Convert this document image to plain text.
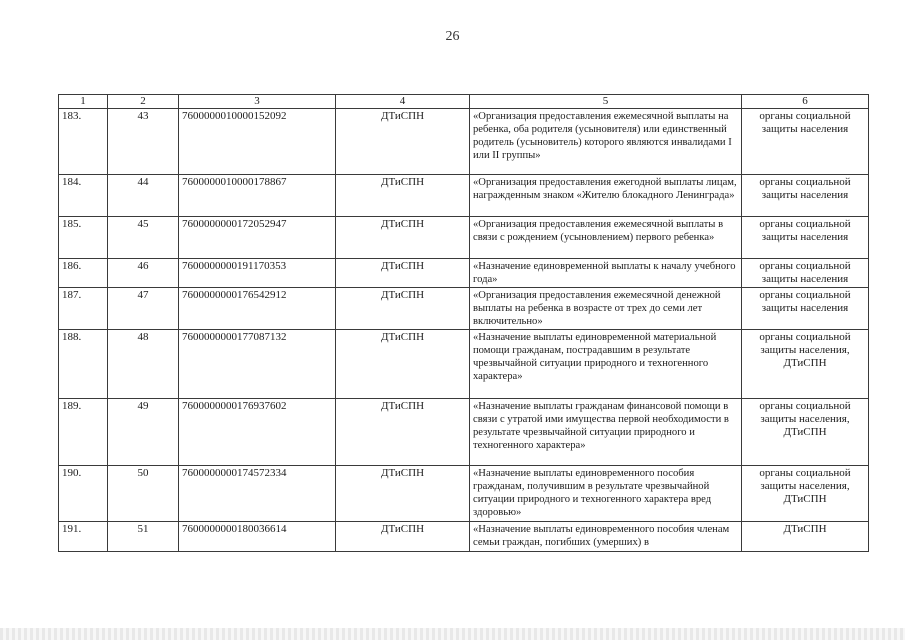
26
1	2	3	4	5	6
183.	43	7600000010000152092	ДТиСПН	«Организация предоставления ежемесячной выплаты на ребенка, оба родителя (усыновителя) или единственный родитель (усыновитель) которого являются инвалидами I или II группы»	органы социальной защиты населения
184.	44	7600000010000178867	ДТиСПН	«Организация предоставления ежегодной выплаты лицам, награжденным знаком «Жителю блокадного Ленинграда»	органы социальной защиты населения
185.	45	7600000000172052947	ДТиСПН	«Организация предоставления ежемесячной выплаты в связи с рождением (усыновлением) первого ребенка»	органы социальной защиты населения
186.	46	7600000000191170353	ДТиСПН	«Назначение единовременной выплаты к началу учебного года»	органы социальной защиты населения
187.	47	7600000000176542912	ДТиСПН	«Организация предоставления ежемесячной денежной выплаты на ребенка в возрасте от трех до семи лет включительно»	органы социальной защиты населения
188.	48	7600000000177087132	ДТиСПН	«Назначение выплаты единовременной материальной помощи гражданам, пострадавшим в результате чрезвычайной ситуации природного и техногенного характера»	органы социальной защиты населения, ДТиСПН
189.	49	7600000000176937602	ДТиСПН	«Назначение выплаты гражданам финансовой помощи в связи с утратой ими имущества первой необходимости в результате чрезвычайной ситуации природного и техногенного характера»	органы социальной защиты населения, ДТиСПН
190.	50	7600000000174572334	ДТиСПН	«Назначение выплаты единовременного пособия гражданам, получившим в результате чрезвычайной ситуации природного и техногенного характера вред здоровью»	органы социальной защиты населения, ДТиСПН
191.	51	7600000000180036614	ДТиСПН	«Назначение выплаты единовременного пособия членам семьи граждан, погибших (умерших) в	ДТиСПН
